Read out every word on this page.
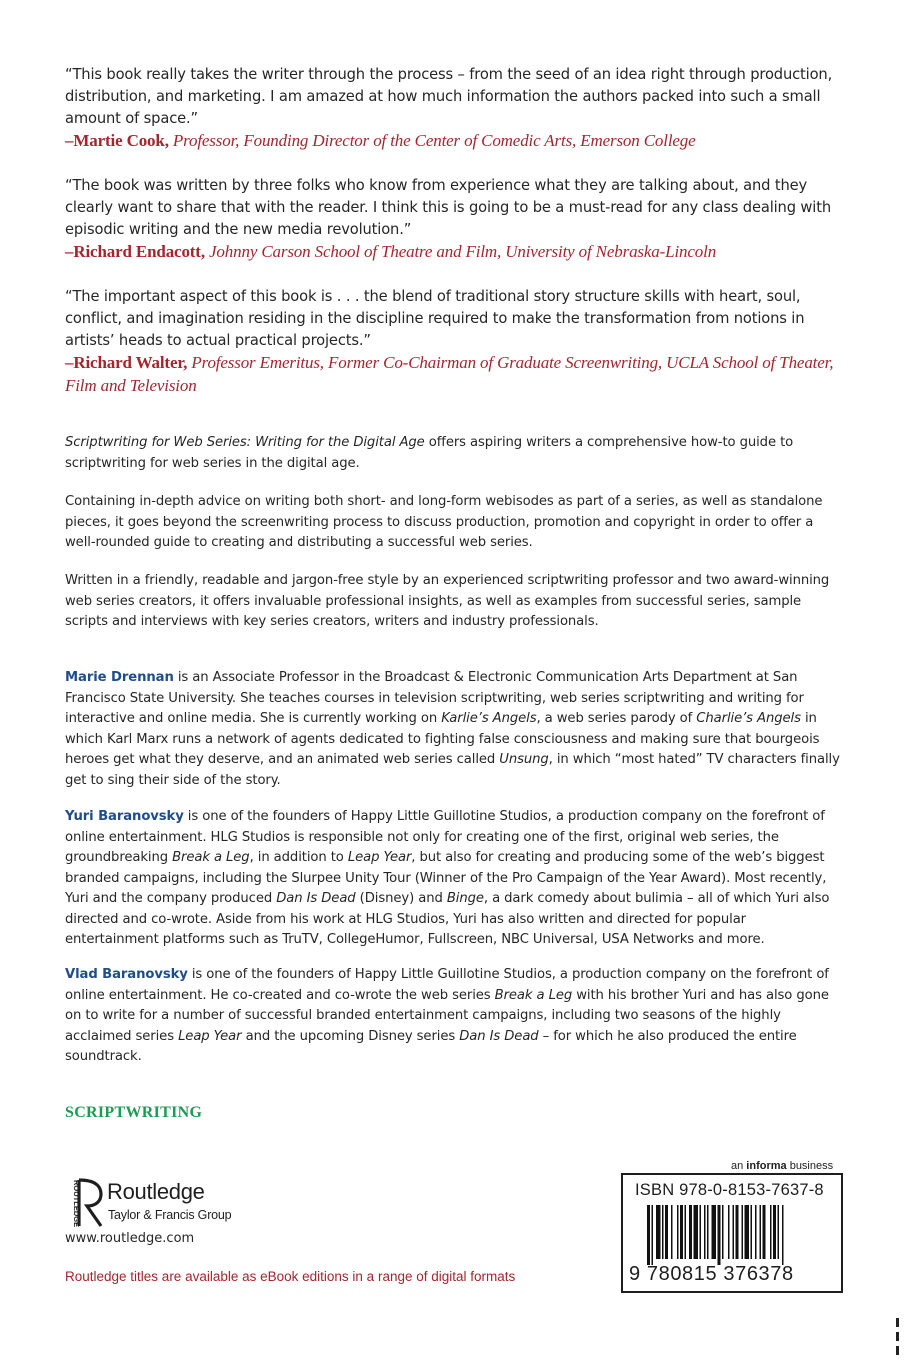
“This book really takes the writer through the process – from the seed of an idea right through production, distribution, and marketing. I am amazed at how much information the authors packed into such a small amount of space.”
–Martie Cook, Professor, Founding Director of the Center of Comedic Arts, Emerson College
“The book was written by three folks who know from experience what they are talking about, and they clearly want to share that with the reader. I think this is going to be a must-read for any class dealing with episodic writing and the new media revolution.”
–Richard Endacott, Johnny Carson School of Theatre and Film, University of Nebraska-Lincoln
“The important aspect of this book is . . . the blend of traditional story structure skills with heart, soul, conflict, and imagination residing in the discipline required to make the transformation from notions in artists’ heads to actual practical projects.”
–Richard Walter, Professor Emeritus, Former Co-Chairman of Graduate Screenwriting, UCLA School of Theater, Film and Television
Scriptwriting for Web Series: Writing for the Digital Age offers aspiring writers a comprehensive how-to guide to scriptwriting for web series in the digital age.
Containing in-depth advice on writing both short- and long-form webisodes as part of a series, as well as standalone pieces, it goes beyond the screenwriting process to discuss production, promotion and copyright in order to offer a well-rounded guide to creating and distributing a successful web series.
Written in a friendly, readable and jargon-free style by an experienced scriptwriting professor and two award-winning web series creators, it offers invaluable professional insights, as well as examples from successful series, sample scripts and interviews with key series creators, writers and industry professionals.
Marie Drennan is an Associate Professor in the Broadcast & Electronic Communication Arts Department at San Francisco State University. She teaches courses in television scriptwriting, web series scriptwriting and writing for interactive and online media. She is currently working on Karlie’s Angels, a web series parody of Charlie’s Angels in which Karl Marx runs a network of agents dedicated to fighting false consciousness and making sure that bourgeois heroes get what they deserve, and an animated web series called Unsung, in which “most hated” TV characters finally get to sing their side of the story.
Yuri Baranovsky is one of the founders of Happy Little Guillotine Studios, a production company on the forefront of online entertainment. HLG Studios is responsible not only for creating one of the first, original web series, the groundbreaking Break a Leg, in addition to Leap Year, but also for creating and producing some of the web’s biggest branded campaigns, including the Slurpee Unity Tour (Winner of the Pro Campaign of the Year Award). Most recently, Yuri and the company produced Dan Is Dead (Disney) and Binge, a dark comedy about bulimia – all of which Yuri also directed and co-wrote. Aside from his work at HLG Studios, Yuri has also written and directed for popular entertainment platforms such as TruTV, CollegeHumor, Fullscreen, NBC Universal, USA Networks and more.
Vlad Baranovsky is one of the founders of Happy Little Guillotine Studios, a production company on the forefront of online entertainment. He co-created and co-wrote the web series Break a Leg with his brother Yuri and has also gone on to write for a number of successful branded entertainment campaigns, including two seasons of the highly acclaimed series Leap Year and the upcoming Disney series Dan Is Dead – for which he also produced the entire soundtrack.
SCRIPTWRITING
ROUTLEDGE Routledge
Taylor & Francis Group
www.routledge.com
Routledge titles are available as eBook editions in a range of digital formats
an informa business
ISBN 978-0-8153-7637-8
9 780815 376378
